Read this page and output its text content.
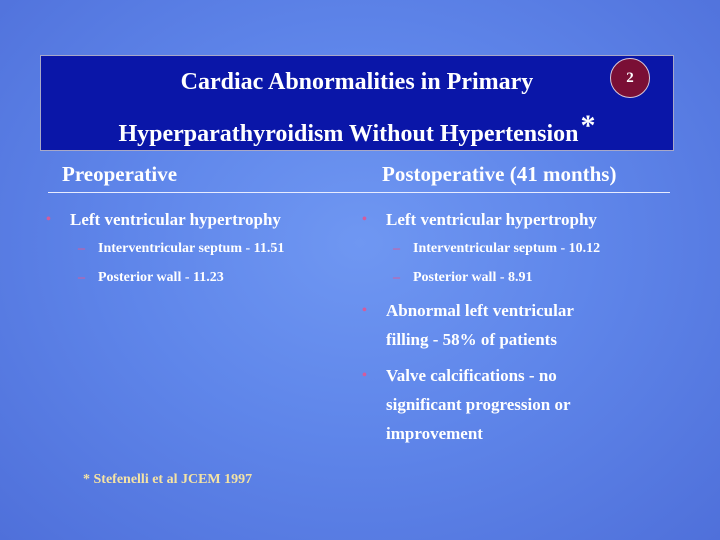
Cardiac Abnormalities in Primary
Hyperparathyroidism Without Hypertension*
2
Preoperative	Postoperative (41 months)
• Left ventricular hypertrophy
– Interventricular septum - 11.51
– Posterior wall - 11.23
• Left ventricular hypertrophy
– Interventricular septum - 10.12
– Posterior wall - 8.91
• Abnormal left ventricular
filling - 58% of patients
• Valve calcifications - no
significant progression or
improvement
* Stefenelli et al JCEM 1997
